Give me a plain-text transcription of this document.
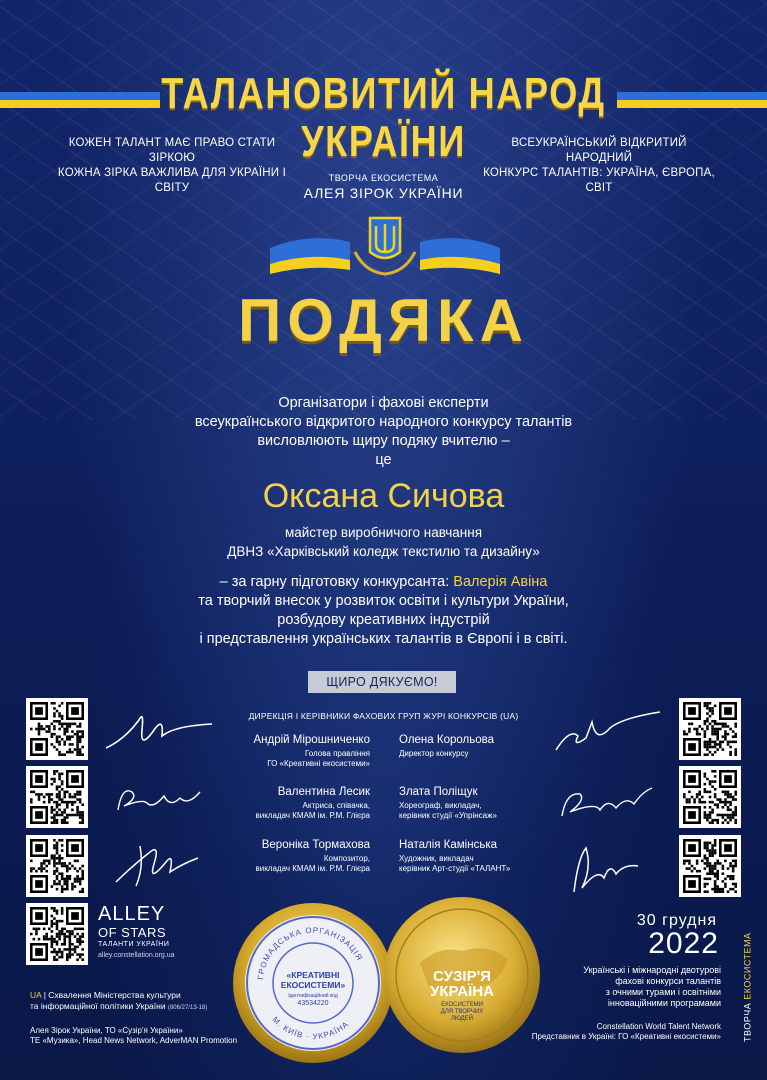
ТАЛАНОВИТИЙ НАРОД
УКРАЇНИ
КОЖЕН ТАЛАНТ МАЄ ПРАВО СТАТИ ЗІРКОЮ
КОЖНА ЗІРКА ВАЖЛИВА ДЛЯ УКРАЇНИ І СВІТУ
ВСЕУКРАЇНСЬКИЙ ВІДКРИТИЙ НАРОДНИЙ
КОНКУРС ТАЛАНТІВ: УКРАЇНА, ЄВРОПА, СВІТ
ТВОРЧА ЕКОСИСТЕМА
АЛЕЯ ЗІРОК УКРАЇНИ
ПОДЯКА
Організатори і фахові експерти
всеукраїнського відкритого народного конкурсу талантів
висловлюють щиру подяку вчителю –
це
Оксана Сичова
майстер виробничого навчання
ДВНЗ «Харківський коледж текстилю та дизайну»
– за гарну підготовку конкурсанта: Валерія Авіна
та творчий внесок у розвиток освіти і культури України,
розбудову креативних індустрій
і представлення українських талантів в Європі і в світі.
ЩИРО ДЯКУЄМО!
ДИРЕКЦІЯ І КЕРІВНИКИ ФАХОВИХ ГРУП ЖУРІ КОНКУРСІВ (UA)
Андрій Мірошниченко
Голова правління
ГО «Креативні екосистеми»
Олена Корольова
Директор конкурсу
Валентина Лесик
Актриса, співачка,
викладач КМАМ ім. Р.М. Глієра
Злата Поліщук
Хореограф, викладач,
керівник студії «Упрiнсаж»
Вероніка Тормахова
Композитор,
викладач КМАМ ім. Р.М. Глієра
Наталія Камінська
Художник, викладач
керівник Арт-студії «ТАЛАНТ»
ALLEY
OF STARS
ТАЛАНТИ УКРАЇНИ
alley.constellation.org.ua
UA | Схвалення Міністерства культури
та інформаційної політики України (806/27/13-18)
Алея Зірок України, ТО «Сузір'я України»
ТЕ «Музика», Head News Network, AdverMAN Promotion
ГРОМАДСЬКА ОРГАНІЗАЦІЯ
М. КИЇВ · УКРАЇНА
«КРЕАТИВНІ
ЕКОСИСТЕМИ»
Ідентифікаційний код
43534220
СУЗІР'Я
УКРАЇНА
ЕКОСИСТЕМИ
ДЛЯ ТВОРЧИХ
ЛЮДЕЙ
30 грудня
2022
Українські і міжнародні двотурові
фахові конкурси талантів
з очними турами і освітніми
інноваційними програмами
Constellation World Talent Network
Представник в Україні: ГО «Креативні екосистеми» ТВОРЧА ЕКОСИСТЕМА
